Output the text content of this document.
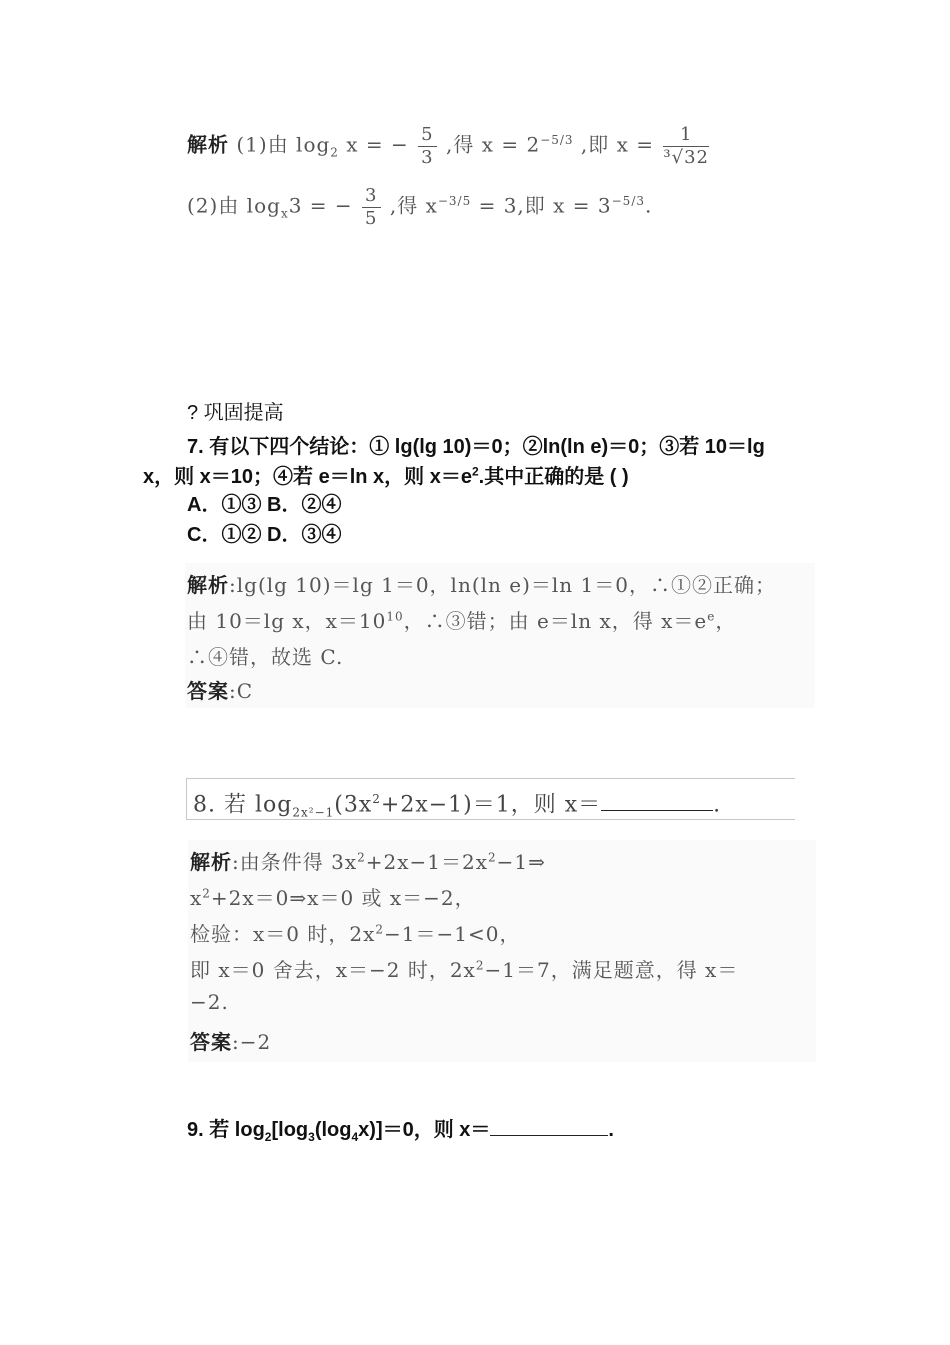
解析 (1)由 $\log_2 x$ = − $\frac{5}{3}$ ,得 $x = 2^{-5/3}$ ,即 $x = \frac{1}{\text{³√32}}$
(2)由 $\log_x3$ = − $\frac{3}{5}$ ,得 $x^{-3/5} = 3$,即 $x = 3^{-5/3}$.
? 巩固提高
7. 有以下四个结论：① lg(lg 10)＝0；②ln(ln e)＝0；③若 10＝lg
x，则 x＝10；④若 e＝ln x，则 $x=e^2$.其中正确的是 ( )
A．①③ B．②④
C．①② D．③④
解析:lg(lg 10)＝lg 1＝0，ln(ln e)＝ln 1＝0，∴①②正确；
由 10＝lg x，$x=10^{10}$，∴③错；由 e＝ln x，得 $x=e^e$，
∴④错，故选 C.
答案:C
8. 若 $\log_{2x^2-1}(3x^2+2x-1)=1$，则 x＝	.
解析:由条件得 $3x^2+2x-1=2x^2-1\Rightarrow$
$x^2+2x=0\Rightarrow x=0$ 或 x＝−2，
检验：x＝0 时，$2x^2-1=-1<0$，
即 x＝0 舍去，x＝−2 时，$2x^2-1=7$，满足题意，得 x＝
−2.
答案:−2
9. 若 $\log_2[\log_3(\log_4x)]=0$，则 x＝	.
